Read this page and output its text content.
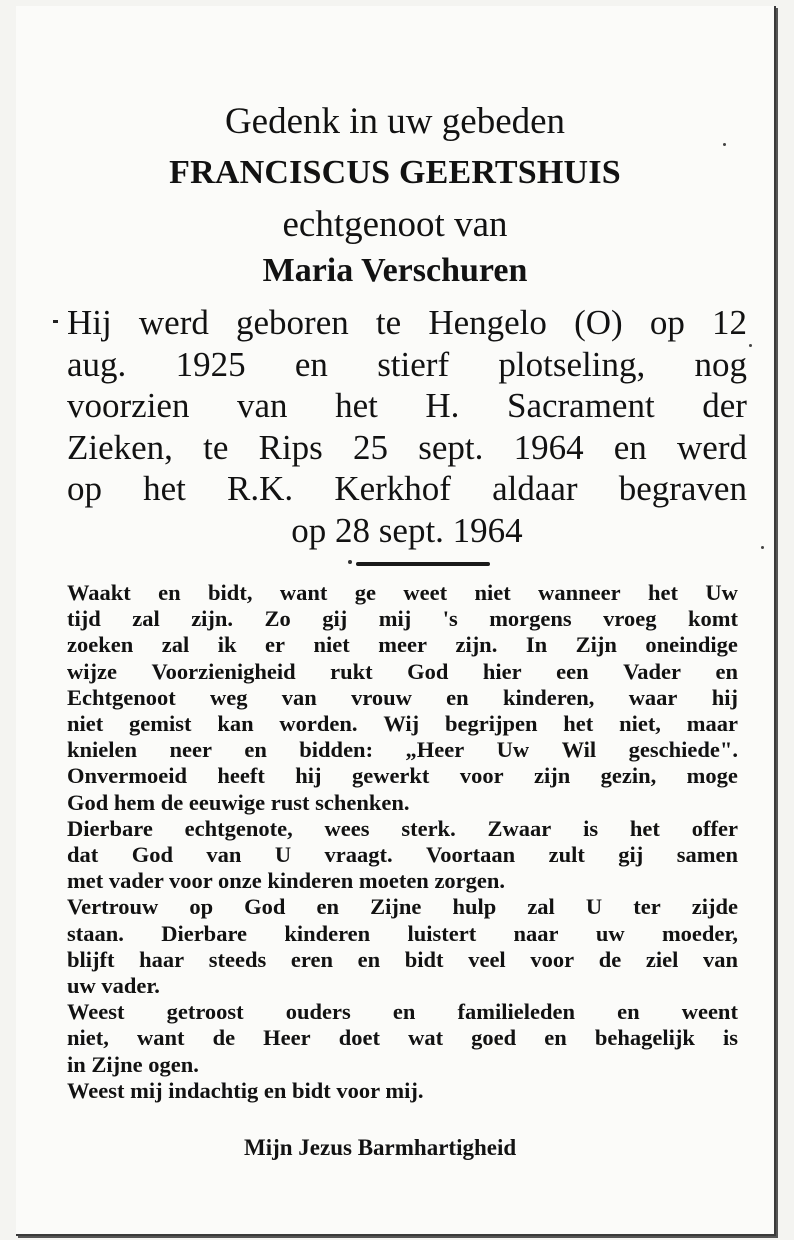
Gedenk in uw gebeden
FRANCISCUS GEERTSHUIS
echtgenoot van
Maria Verschuren
Hij werd geboren te Hengelo (O) op 12
aug. 1925 en stierf plotseling, nog
voorzien van het H. Sacrament der
Zieken, te Rips 25 sept. 1964 en werd
op het R.K. Kerkhof aldaar begraven
op 28 sept. 1964
Waakt en bidt, want ge weet niet wanneer het Uw
tijd zal zijn. Zo gij mij 's morgens vroeg komt
zoeken zal ik er niet meer zijn. In Zijn oneindige
wijze Voorzienigheid rukt God hier een Vader en
Echtgenoot weg van vrouw en kinderen, waar hij
niet gemist kan worden. Wij begrijpen het niet, maar
knielen neer en bidden: „Heer Uw Wil geschiede".
Onvermoeid heeft hij gewerkt voor zijn gezin, moge
God hem de eeuwige rust schenken.
Dierbare echtgenote, wees sterk. Zwaar is het offer
dat God van U vraagt. Voortaan zult gij samen
met vader voor onze kinderen moeten zorgen.
Vertrouw op God en Zijne hulp zal U ter zijde
staan. Dierbare kinderen luistert naar uw moeder,
blijft haar steeds eren en bidt veel voor de ziel van
uw vader.
Weest getroost ouders en familieleden en weent
niet, want de Heer doet wat goed en behagelijk is
in Zijne ogen.
Weest mij indachtig en bidt voor mij.
Mijn Jezus Barmhartigheid
